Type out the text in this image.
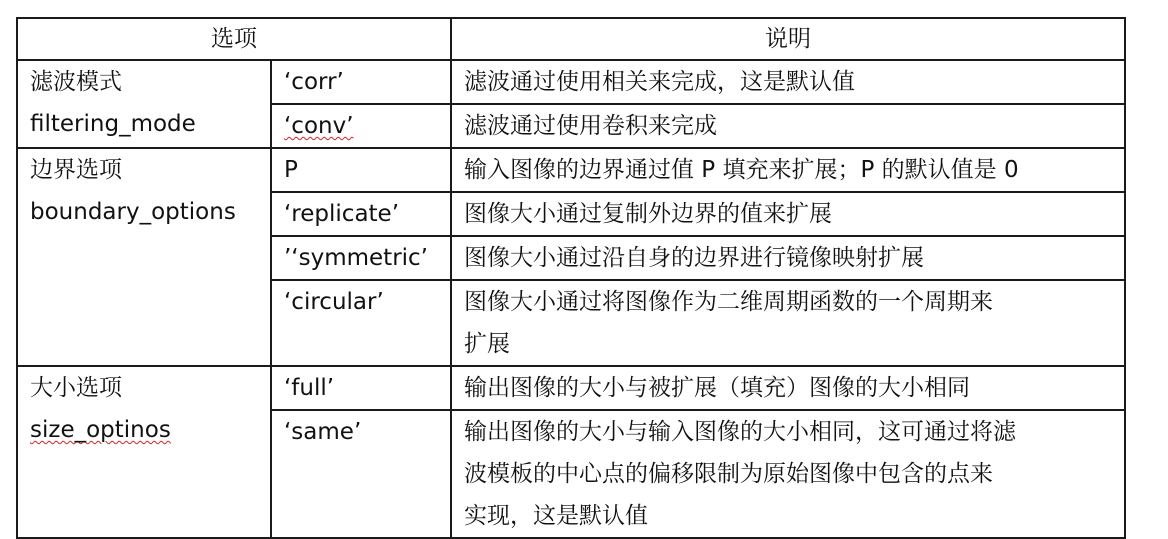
选项		说明

滤波模式
filtering_mode	‘corr’	滤波通过使用相关来完成，这是默认值
	‘conv’	滤波通过使用卷积来完成

边界选项
boundary_options	P	输入图像的边界通过值 P 填充来扩展；P 的默认值是 0
	‘replicate’	图像大小通过复制外边界的值来扩展
	’‘symmetric’	图像大小通过沿自身的边界进行镜像映射扩展
	‘circular’	图像大小通过将图像作为二维周期函数的一个周期来
扩展

大小选项
size_optinos	‘full’	输出图像的大小与被扩展（填充）图像的大小相同
	‘same’	输出图像的大小与输入图像的大小相同，这可通过将滤
波模板的中心点的偏移限制为原始图像中包含的点来
实现，这是默认值
